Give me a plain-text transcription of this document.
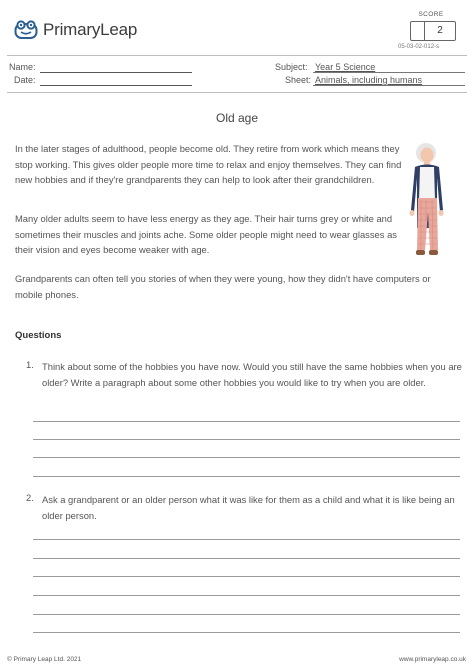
PrimaryLeap
SCORE
2
05-03-02-012-s
Name:
Date:
Subject: Year 5 Science
Sheet: Animals, including humans
Old age
In the later stages of adulthood, people become old. They retire from work which means they stop working. This gives older people more time to relax and enjoy themselves. They can find new hobbies and if they're grandparents they can help to look after their grandchildren.
Many older adults seem to have less energy as they age. Their hair turns grey or white and sometimes their muscles and joints ache. Some older people might need to wear glasses as their vision and eyes become weaker with age.
Grandparents can often tell you stories of when they were young, how they didn't have computers or mobile phones.
Questions
1. Think about some of the hobbies you have now. Would you still have the same hobbies when you are older? Write a paragraph about some other hobbies you would like to try when you are older.
2. Ask a grandparent or an older person what it was like for them as a child and what it is like being an older person.
© Primary Leap Ltd. 2021	www.primaryleap.co.uk
